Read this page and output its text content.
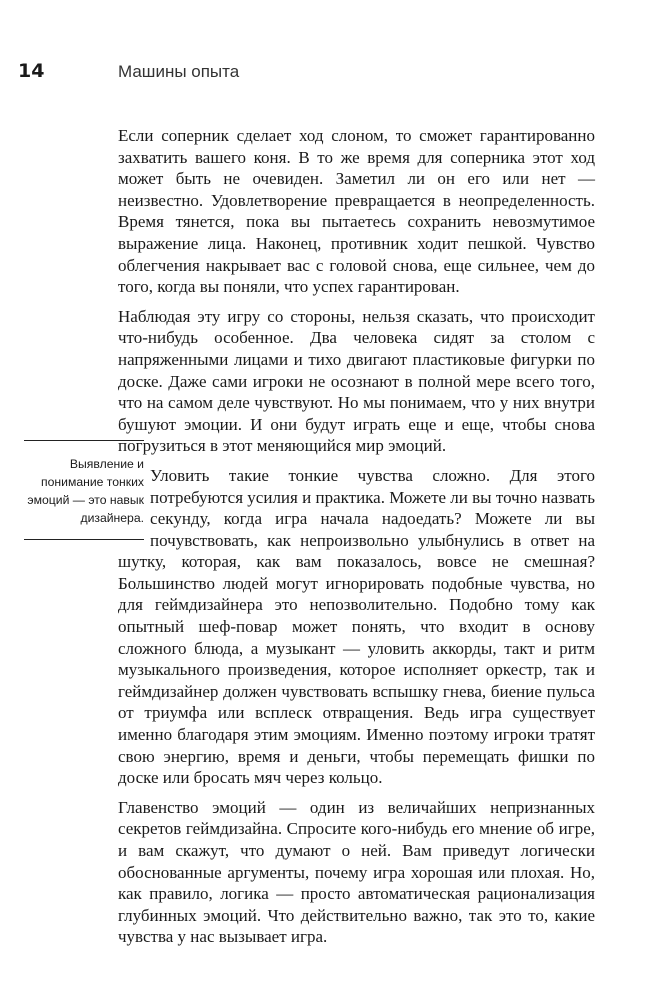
14	Машины опыта
Выявление и понимание тонких эмоций — это навык дизайнера.

Если соперник сделает ход слоном, то сможет гарантированно захватить вашего коня. В то же время для соперника этот ход может быть не очевиден. Заметил ли он его или нет — неизвестно. Удовлетворение превращается в неопределенность. Время тянется, пока вы пытаетесь сохранить невозмутимое выражение лица. Наконец, противник ходит пешкой. Чувство облегчения накрывает вас с головой снова, еще сильнее, чем до того, когда вы поняли, что успех гарантирован.

Наблюдая эту игру со стороны, нельзя сказать, что происходит что-нибудь особенное. Два человека сидят за столом с напряженными лицами и тихо двигают пластиковые фигурки по доске. Даже сами игроки не осознают в полной мере всего того, что на самом деле чувствуют. Но мы понимаем, что у них внутри бушуют эмоции. И они будут играть еще и еще, чтобы снова погрузиться в этот меняющийся мир эмоций.

Уловить такие тонкие чувства сложно. Для этого потребуются усилия и практика. Можете ли вы точно назвать секунду, когда игра начала надоедать? Можете ли вы почувствовать, как непроизвольно улыбнулись в ответ на шутку, которая, как вам показалось, вовсе не смешная? Большинство людей могут игнорировать подобные чувства, но для геймдизайнера это непозволительно. Подобно тому как опытный шеф-повар может понять, что входит в основу сложного блюда, а музыкант — уловить аккорды, такт и ритм музыкального произведения, которое исполняет оркестр, так и геймдизайнер должен чувствовать вспышку гнева, биение пульса от триумфа или всплеск отвращения. Ведь игра существует именно благодаря этим эмоциям. Именно поэтому игроки тратят свою энергию, время и деньги, чтобы перемещать фишки по доске или бросать мяч через кольцо.

Главенство эмоций — один из величайших непризнанных секретов геймдизайна. Спросите кого-нибудь его мнение об игре, и вам скажут, что думают о ней. Вам приведут логически обоснованные аргументы, почему игра хорошая или плохая. Но, как правило, логика — просто автоматическая рационализация глубинных эмоций. Что действительно важно, так это то, какие чувства у нас вызывает игра.
